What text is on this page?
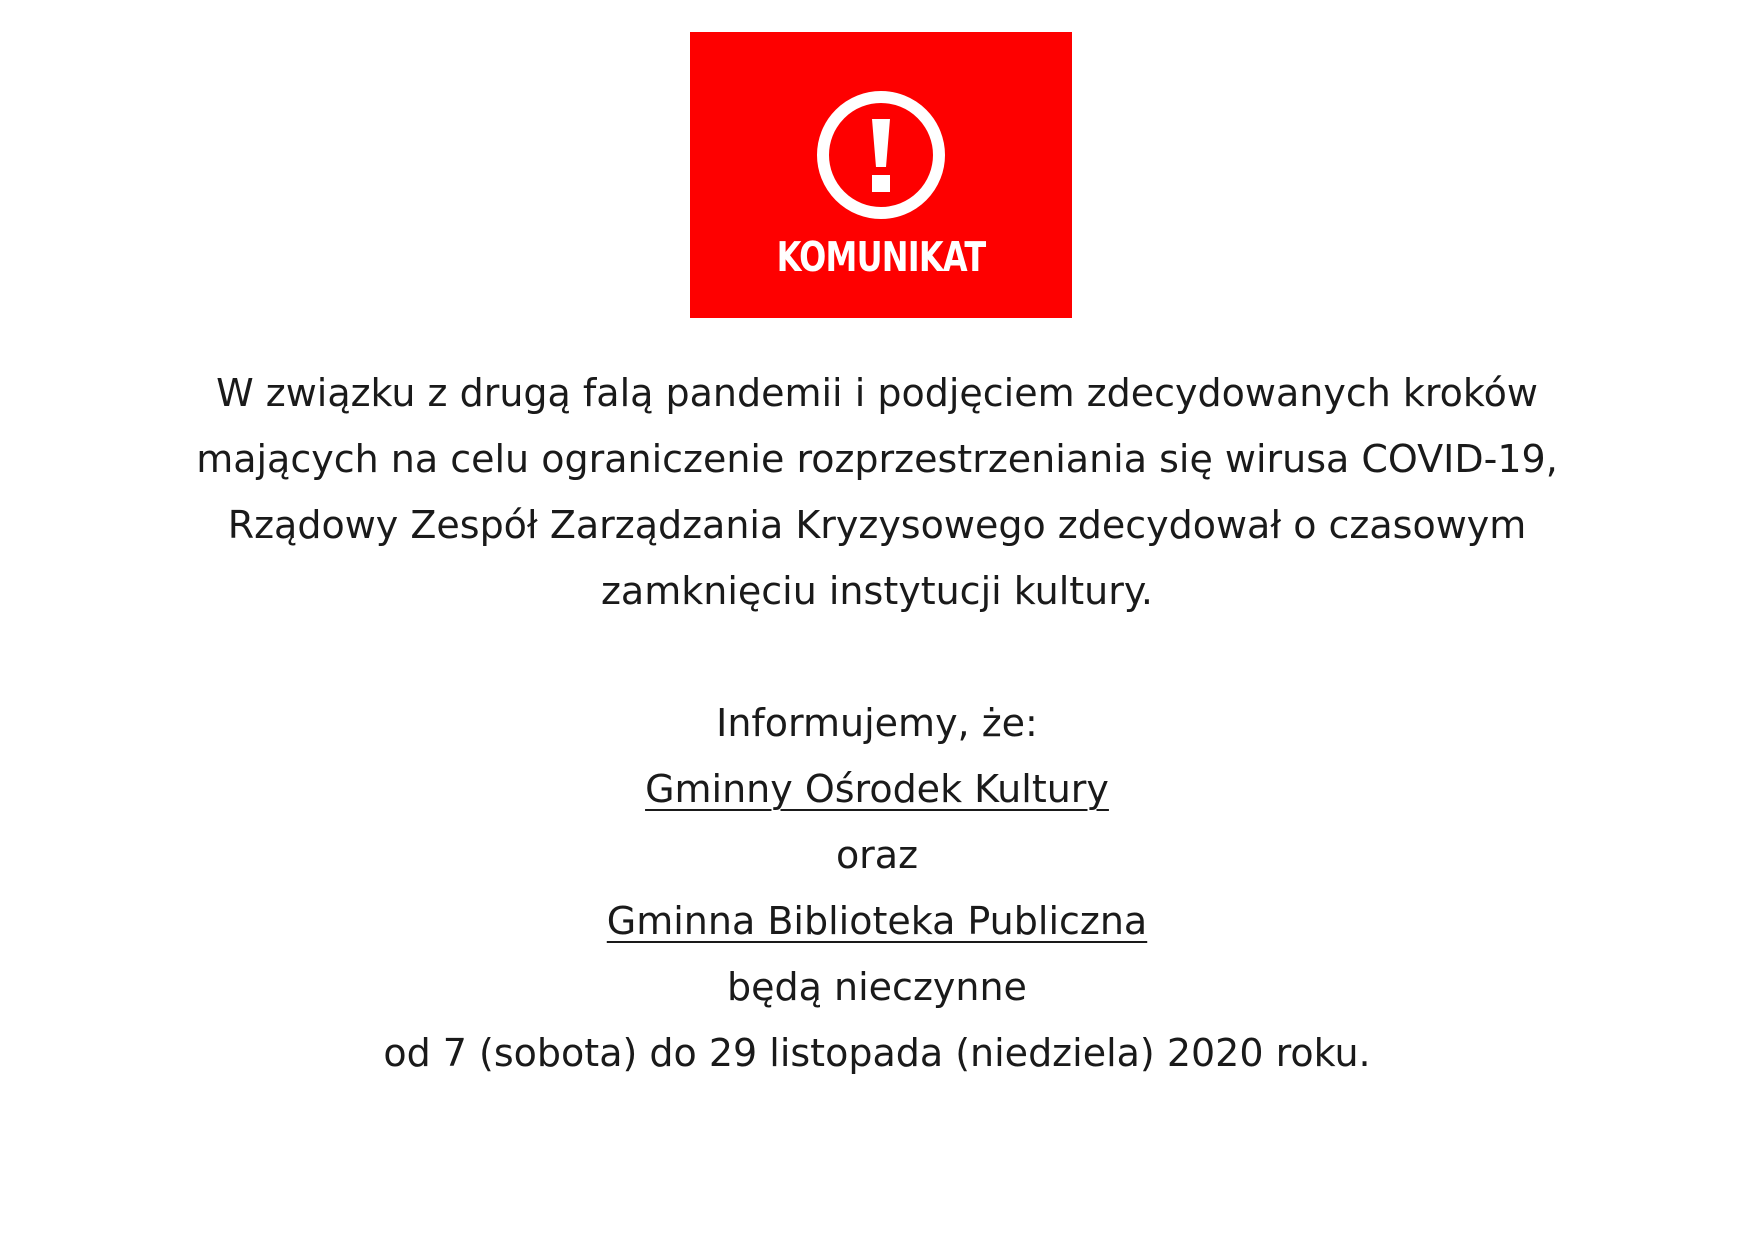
KOMUNIKAT

W związku z drugą falą pandemii i podjęciem zdecydowanych kroków

mających na celu ograniczenie rozprzestrzeniania się wirusa COVID-19,

Rządowy Zespół Zarządzania Kryzysowego zdecydował o czasowym

zamknięciu instytucji kultury.

Informujemy, że:

Gminny Ośrodek Kultury

oraz

Gminna Biblioteka Publiczna

będą nieczynne

od 7 (sobota) do 29 listopada (niedziela) 2020 roku.
